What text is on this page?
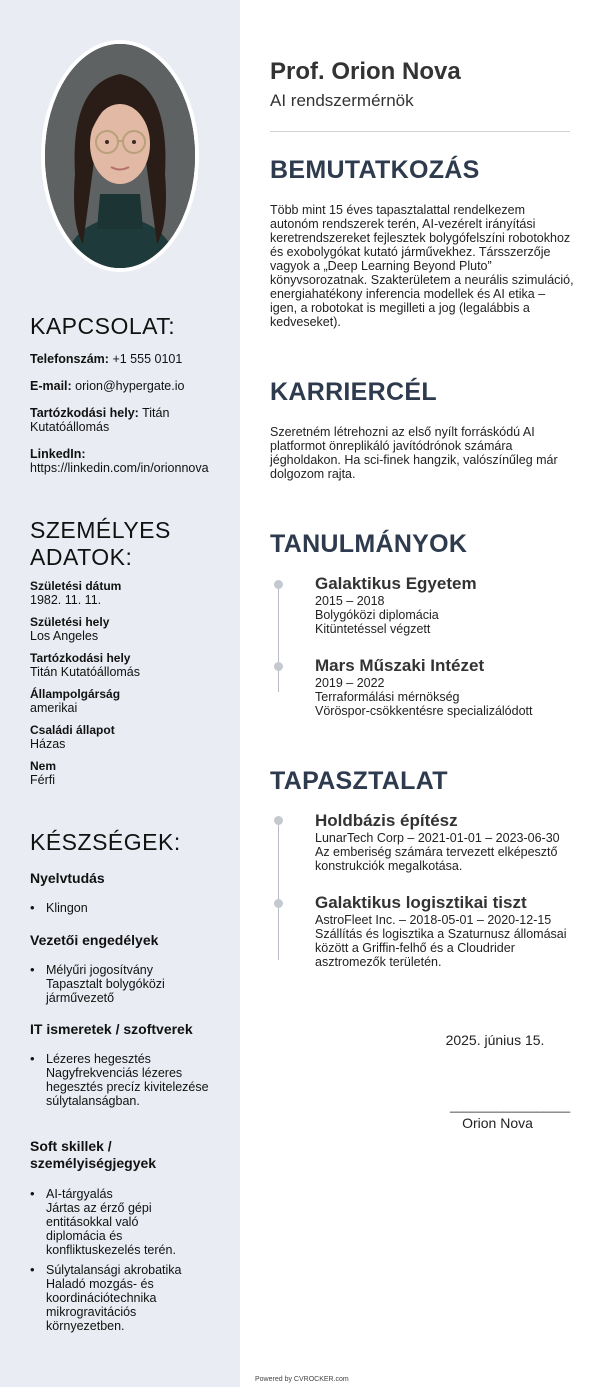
KAPCSOLAT:
Telefonszám: +1 555 0101
E-mail: orion@hypergate.io
Tartózkodási hely: Titán Kutatóállomás
LinkedIn:
https://linkedin.com/in/orionnova
SZEMÉLYES ADATOK:
Születési dátum
1982. 11. 11.
Születési hely
Los Angeles
Tartózkodási hely
Titán Kutatóállomás
Állampolgárság
amerikai
Családi állapot
Házas
Nem
Férfi
KÉSZSÉGEK:
Nyelvtudás
• Klingon
Vezetői engedélyek
• Mélyűri jogosítvány
Tapasztalt bolygóközi járművezető
IT ismeretek / szoftverek
• Lézeres hegesztés
Nagyfrekvenciás lézeres hegesztés precíz kivitelezése súlytalanságban.
Soft skillek / személyiségjegyek
• AI-tárgyalás
Jártas az érző gépi entitásokkal való diplomácia és konfliktuskezelés terén.
• Súlytalansági akrobatika
Haladó mozgás- és koordinációtechnika mikrogravitációs környezetben.
Prof. Orion Nova
AI rendszermérnök
BEMUTATKOZÁS

Több mint 15 éves tapasztalattal rendelkezem autonóm rendszerek terén, AI-vezérelt irányítási keretrendszereket fejlesztek bolygófelszíni robotokhoz és exobolygókat kutató járművekhez. Társszerzője vagyok a „Deep Learning Beyond Pluto” könyvsorozatnak. Szakterületem a neurális szimuláció, energiahatékony inferencia modellek és AI etika – igen, a robotokat is megilleti a jog (legalábbis a kedveseket).

KARRIERCÉL

Szeretném létrehozni az első nyílt forráskódú AI platformot önreplikáló javítódrónok számára jégholdakon. Ha sci-finek hangzik, valószínűleg már dolgozom rajta.

TANULMÁNYOK
Galaktikus Egyetem
2015 – 2018
Bolygóközi diplomácia
Kitüntetéssel végzett
Mars Műszaki Intézet
2019 – 2022
Terraformálási mérnökség
Vöröspor-csökkentésre specializálódott
TAPASZTALAT
Holdbázis építész
LunarTech Corp – 2021-01-01 – 2023-06-30
Az emberiség számára tervezett elképesztő konstrukciók megalkotása.
Galaktikus logisztikai tiszt
AstroFleet Inc. – 2018-05-01 – 2020-12-15
Szállítás és logisztika a Szaturnusz állomásai között a Griffin-felhő és a Cloudrider asztromezők területén.
2025. június 15.
__________________
Orion Nova
Powered by CVROCKER.com
